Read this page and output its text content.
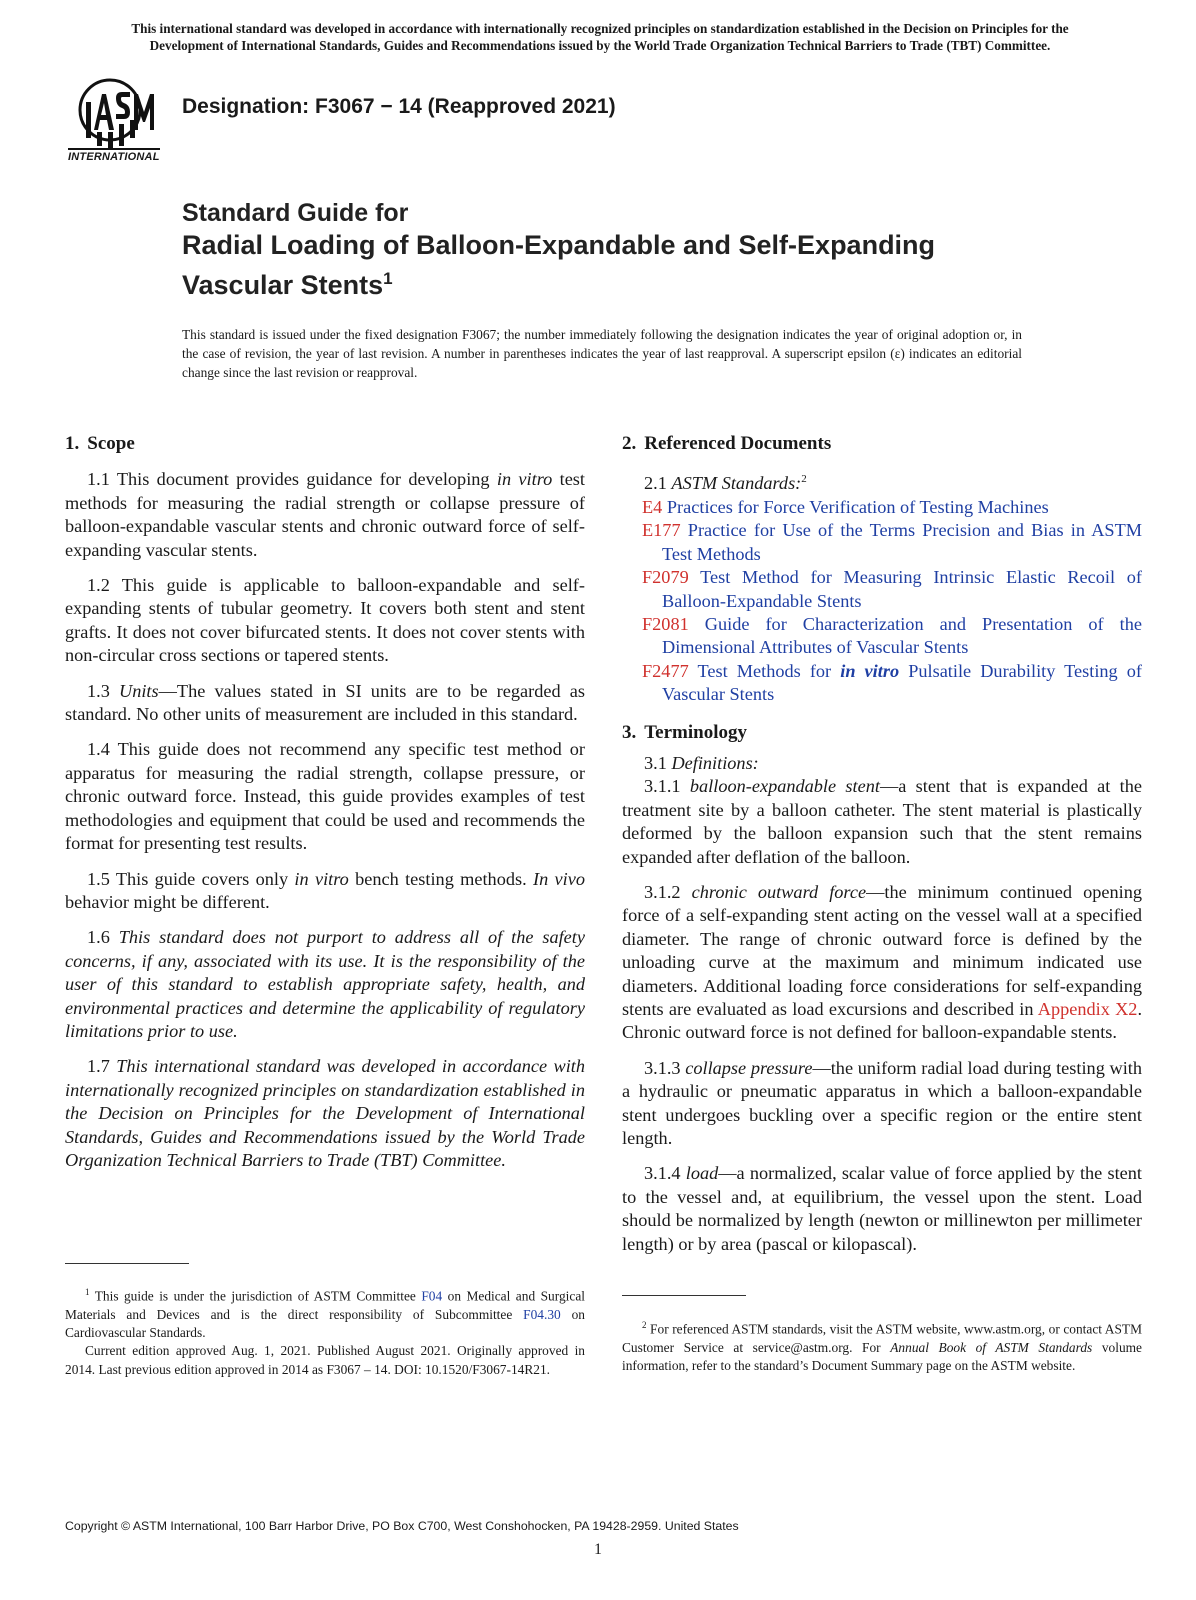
This international standard was developed in accordance with internationally recognized principles on standardization established in the Decision on Principles for the
Development of International Standards, Guides and Recommendations issued by the World Trade Organization Technical Barriers to Trade (TBT) Committee.
INTERNATIONAL
Designation: F3067 − 14 (Reapproved 2021)
Standard Guide for
Radial Loading of Balloon-Expandable and Self-Expanding
Vascular Stents$^1$
This standard is issued under the fixed designation F3067; the number immediately following the designation indicates the year of original adoption or, in the case of revision, the year of last revision. A number in parentheses indicates the year of last reapproval. A superscript epsilon (ε) indicates an editorial change since the last revision or reapproval.
1. Scope

1.1 This document provides guidance for developing in vitro test methods for measuring the radial strength or collapse pressure of balloon-expandable vascular stents and chronic outward force of self-expanding vascular stents.

1.2 This guide is applicable to balloon-expandable and self-expanding stents of tubular geometry. It covers both stent and stent grafts. It does not cover bifurcated stents. It does not cover stents with non-circular cross sections or tapered stents.

1.3 Units—The values stated in SI units are to be regarded as standard. No other units of measurement are included in this standard.

1.4 This guide does not recommend any specific test method or apparatus for measuring the radial strength, collapse pressure, or chronic outward force. Instead, this guide provides examples of test methodologies and equipment that could be used and recommends the format for presenting test results.

1.5 This guide covers only in vitro bench testing methods. In vivo behavior might be different.

1.6 This standard does not purport to address all of the safety concerns, if any, associated with its use. It is the responsibility of the user of this standard to establish appropriate safety, health, and environmental practices and determine the applicability of regulatory limitations prior to use.

1.7 This international standard was developed in accordance with internationally recognized principles on standardization established in the Decision on Principles for the Development of International Standards, Guides and Recommendations issued by the World Trade Organization Technical Barriers to Trade (TBT) Committee.

2. Referenced Documents

2.1 ASTM Standards:$^2$

E4 Practices for Force Verification of Testing Machines

E177 Practice for Use of the Terms Precision and Bias in ASTM Test Methods

F2079 Test Method for Measuring Intrinsic Elastic Recoil of Balloon-Expandable Stents

F2081 Guide for Characterization and Presentation of the Dimensional Attributes of Vascular Stents

F2477 Test Methods for in vitro Pulsatile Durability Testing of Vascular Stents

3. Terminology

3.1 Definitions:

3.1.1 balloon-expandable stent—a stent that is expanded at the treatment site by a balloon catheter. The stent material is plastically deformed by the balloon expansion such that the stent remains expanded after deflation of the balloon.

3.1.2 chronic outward force—the minimum continued opening force of a self-expanding stent acting on the vessel wall at a specified diameter. The range of chronic outward force is defined by the unloading curve at the maximum and minimum indicated use diameters. Additional loading force considerations for self-expanding stents are evaluated as load excursions and described in Appendix X2. Chronic outward force is not defined for balloon-expandable stents.

3.1.3 collapse pressure—the uniform radial load during testing with a hydraulic or pneumatic apparatus in which a balloon-expandable stent undergoes buckling over a specific region or the entire stent length.

3.1.4 load—a normalized, scalar value of force applied by the stent to the vessel and, at equilibrium, the vessel upon the stent. Load should be normalized by length (newton or millinewton per millimeter length) or by area (pascal or kilopascal).

$^1$ This guide is under the jurisdiction of ASTM Committee F04 on Medical and Surgical Materials and Devices and is the direct responsibility of Subcommittee F04.30 on Cardiovascular Standards.

Current edition approved Aug. 1, 2021. Published August 2021. Originally approved in 2014. Last previous edition approved in 2014 as F3067 – 14. DOI: 10.1520/F3067-14R21.

$^2$ For referenced ASTM standards, visit the ASTM website, www.astm.org, or contact ASTM Customer Service at service@astm.org. For Annual Book of ASTM Standards volume information, refer to the standard’s Document Summary page on the ASTM website.

Copyright © ASTM International, 100 Barr Harbor Drive, PO Box C700, West Conshohocken, PA 19428-2959. United States
1
